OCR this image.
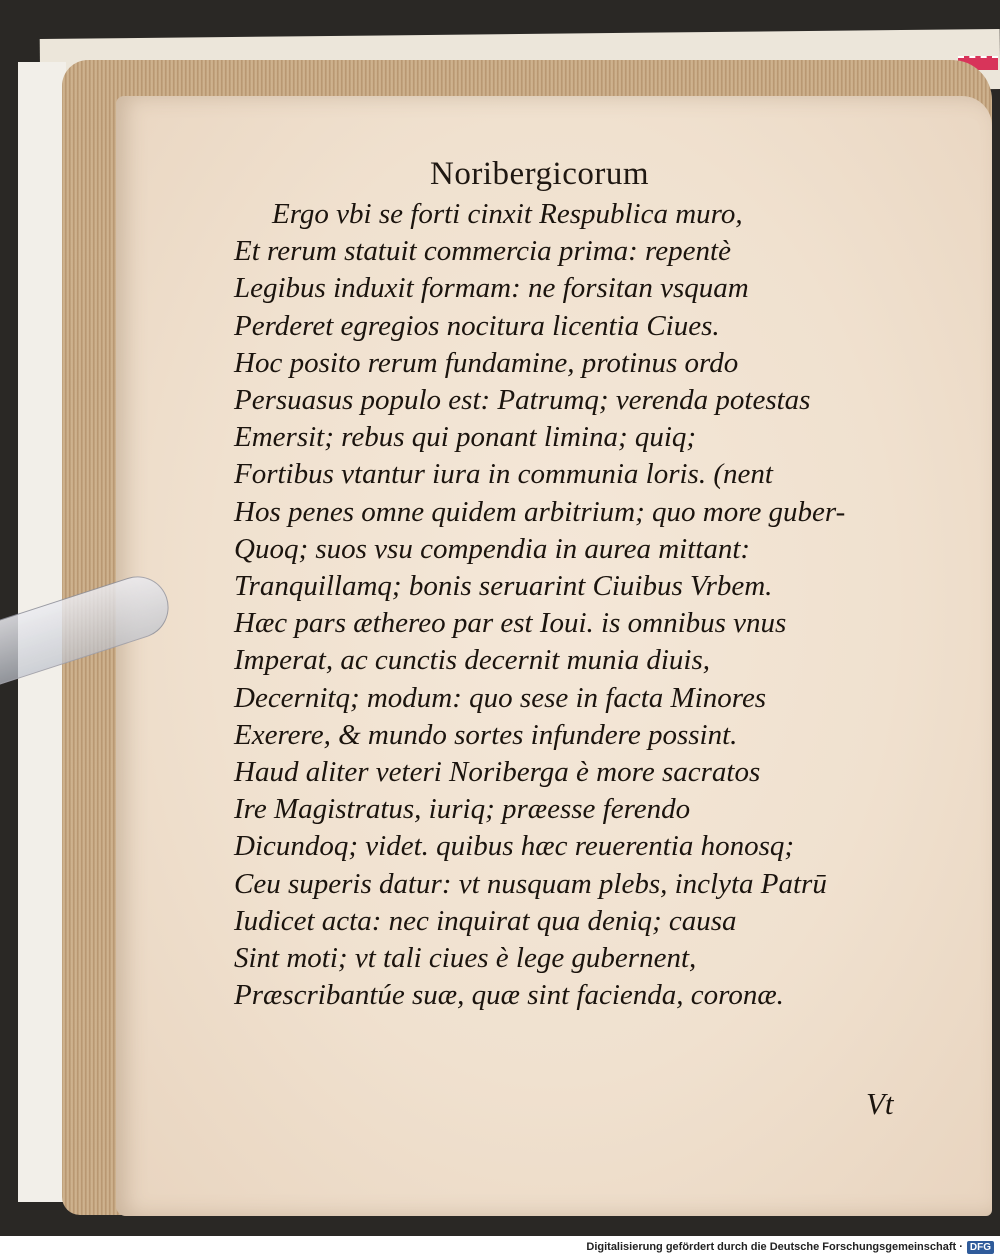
Noribergicorum
Ergo vbi se forti cinxit Respublica muro,
Et rerum statuit commercia prima: repentè
Legibus induxit formam: ne forsitan vsquam
Perderet egregios nocitura licentia Ciues.
Hoc posito rerum fundamine, protinus ordo
Persuasus populo est: Patrumq; verenda potestas
Emersit; rebus qui ponant limina; quiq;
Fortibus vtantur iura in communia loris. (nent
Hos penes omne quidem arbitrium; quo more guber-
Quoq; suos vsu compendia in aurea mittant:
Tranquillamq; bonis seruarint Ciuibus Vrbem.
Hæc pars æthereo par est Ioui. is omnibus vnus
Imperat, ac cunctis decernit munia diuis,
Decernitq; modum: quo sese in facta Minores
Exerere, & mundo sortes infundere possint.
Haud aliter veteri Noriberga è more sacratos
Ire Magistratus, iuriq; præesse ferendo
Dicundoq; videt. quibus hæc reuerentia honosq;
Ceu superis datur: vt nusquam plebs, inclyta Patrū
Iudicet acta: nec inquirat qua deniq; causa
Sint moti; vt tali ciues è lege gubernent,
Præscribantúe suæ, quæ sint facienda, coronæ.
Vt
Digitalisierung gefördert durch die Deutsche Forschungsgemeinschaft · DFG
